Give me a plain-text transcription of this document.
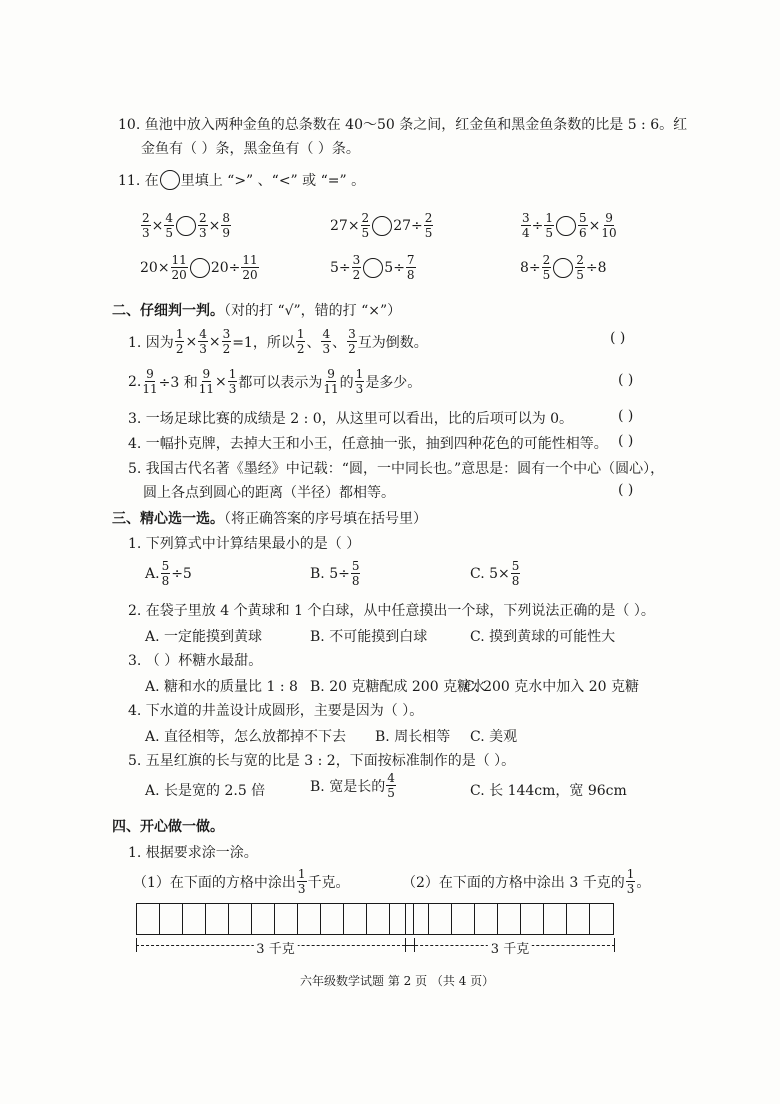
10. 鱼池中放入两种金鱼的总条数在 40～50 条之间，红金鱼和黑金鱼条数的比是 5 : 6。红
金鱼有（ ）条，黑金鱼有（ ）条。
11. 在 里填上 “>” 、“<” 或 “=” 。
$\frac{2}{3} \times \frac{4}{5} \frac{2}{3} \times \frac{8}{9}$	$27\times \frac{2}{5} 27\div \frac{2}{5}$	$\frac{3}{4} \div \frac{1}{5} \frac{5}{6} \times \frac{9}{10}$
$20\times \frac{11}{20} 20\div \frac{11}{20}$	$5\div \frac{3}{2} 5\div \frac{7}{8}$	$8\div \frac{2}{5} \frac{2}{5} \div 8$
二、仔细判一判。（对的打 “√”，错的打 “×”）
1. 因为 $\frac{1}{2} \times \frac{4}{3} \times \frac{3}{2} =1$，所以 $\frac{1}{2}$ 、 $\frac{4}{3}$ 、 $\frac{3}{2}$ 互为倒数。	( )
2. $\frac{9}{11} \div 3$ 和 $\frac{9}{11} \times \frac{1}{3}$ 都可以表示为 $\frac{9}{11}$ 的 $\frac{1}{3}$ 是多少。	( )
3. 一场足球比赛的成绩是 2 : 0，从这里可以看出，比的后项可以为 0。	( )
4. 一幅扑克牌，去掉大王和小王，任意抽一张，抽到四种花色的可能性相等。 ( )
5. 我国古代名著《墨经》中记载：“圆，一中同长也。”意思是：圆有一个中心（圆心），
圆上各点到圆心的距离（半径）都相等。	( )
三、精心选一选。（将正确答案的序号填在括号里）
1. 下列算式中计算结果最小的是（ ）
A. $\frac{5}{8} \div 5$	B. $5\div \frac{5}{8}$	C. $5\times \frac{5}{8}$
2. 在袋子里放 4 个黄球和 1 个白球，从中任意摸出一个球，下列说法正确的是（ ）。
A. 一定能摸到黄球	B. 不可能摸到白球	C. 摸到黄球的可能性大
3. （ ）杯糖水最甜。
A. 糖和水的质量比 1 : 8 B. 20 克糖配成 200 克糖水
C. 200 克水中加入 20 克糖
4. 下水道的井盖设计成圆形，主要是因为（ ）。
A. 直径相等，怎么放都掉不下去 B. 周长相等 C. 美观
5. 五星红旗的长与宽的比是 3 : 2，下面按标准制作的是（ ）。
A. 长是宽的 2.5 倍	B. 宽是长的 $\frac{4}{5}$	C. 长 144cm，宽 96cm
四、开心做一做。
1. 根据要求涂一涂。
（1）在下面的方格中涂出 $\frac{1}{3}$ 千克。	（2）在下面的方格中涂出 3 千克的 $\frac{1}{3}$ 。
3 千克	3 千克
六年级数学试题 第 2 页 （共 4 页）
